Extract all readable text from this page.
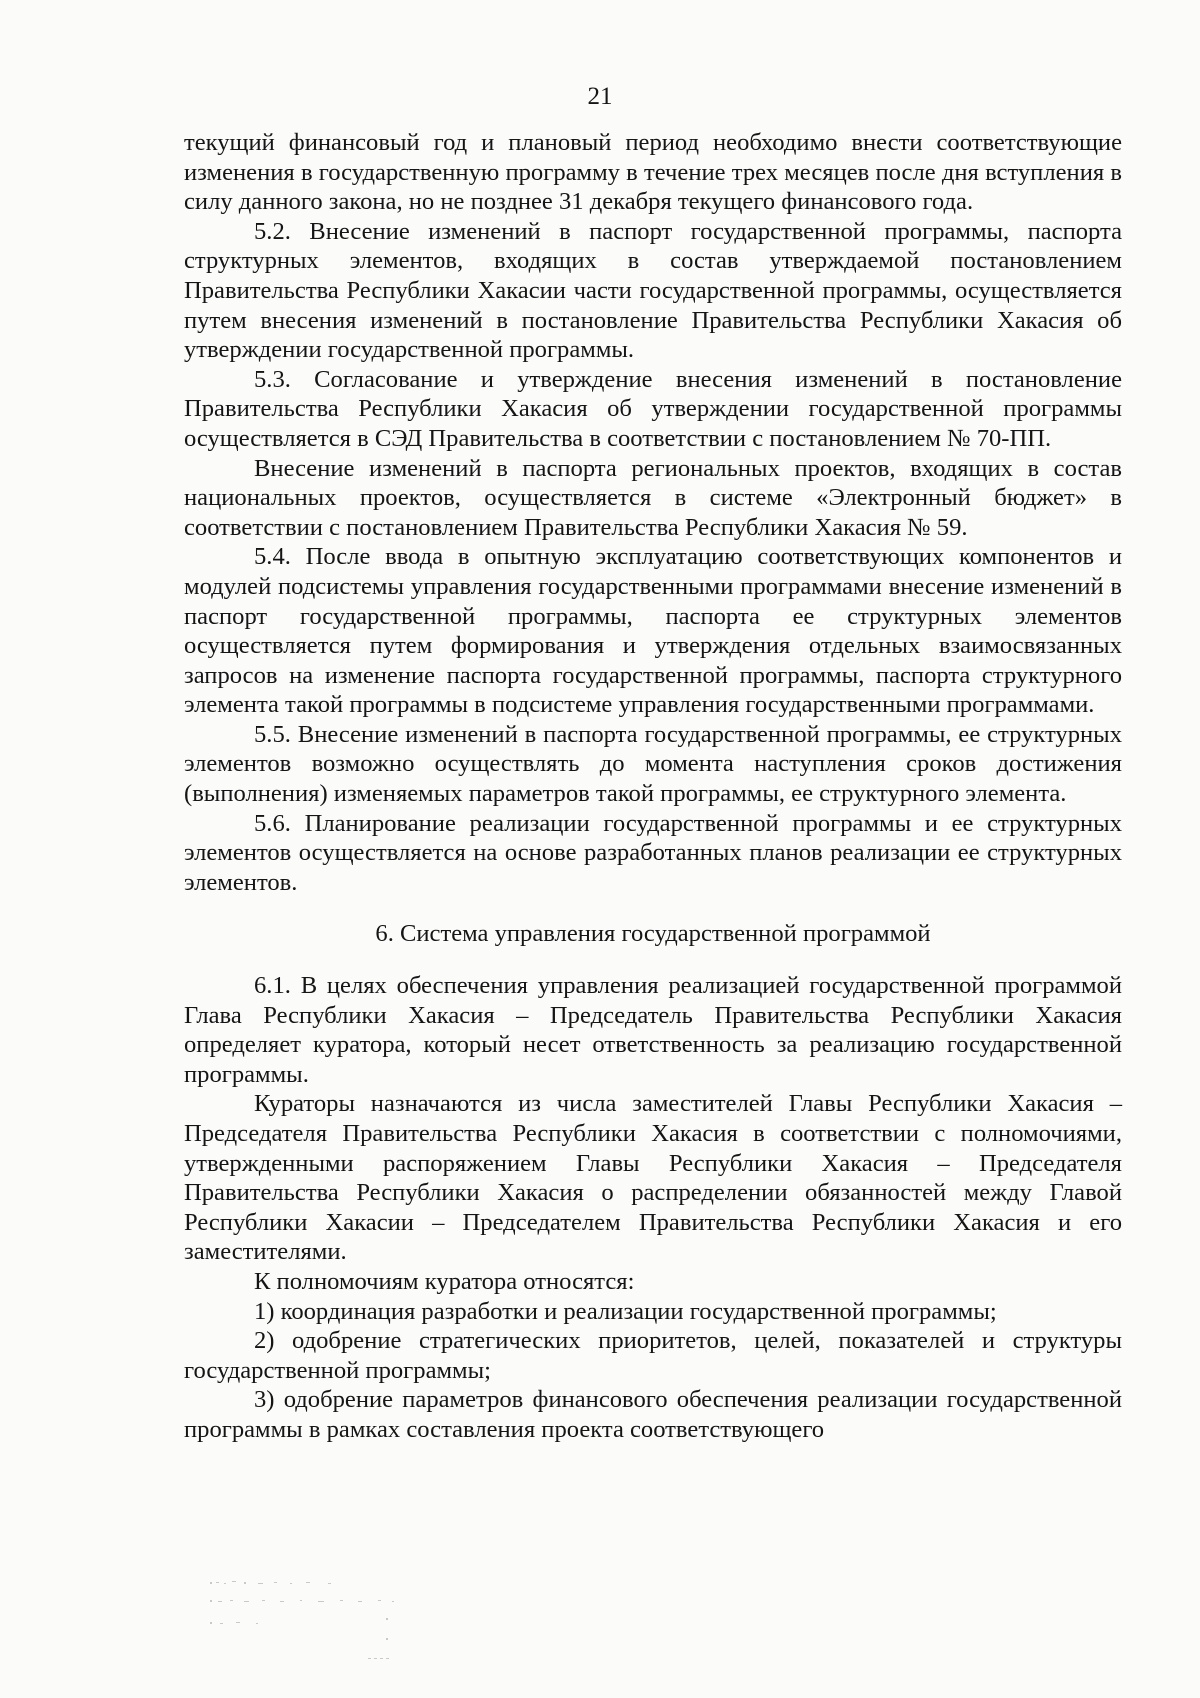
21

текущий финансовый год и плановый период необходимо внести соответствующие изменения в государственную программу в течение трех месяцев после дня вступления в силу данного закона, но не позднее 31 декабря текущего финансового года.

5.2. Внесение изменений в паспорт государственной программы, паспорта структурных элементов, входящих в состав утверждаемой постановлением Правительства Республики Хакасии части государственной программы, осуществляется путем внесения изменений в постановление Правительства Республики Хакасия об утверждении государственной программы.

5.3. Согласование и утверждение внесения изменений в постановление Правительства Республики Хакасия об утверждении государственной программы осуществляется в СЭД Правительства в соответствии с постановлением № 70-ПП.

Внесение изменений в паспорта региональных проектов, входящих в состав национальных проектов, осуществляется в системе «Электронный бюджет» в соответствии с постановлением Правительства Республики Хакасия № 59.

5.4. После ввода в опытную эксплуатацию соответствующих компонентов и модулей подсистемы управления государственными программами внесение изменений в паспорт государственной программы, паспорта ее структурных элементов осуществляется путем формирования и утверждения отдельных взаимосвязанных запросов на изменение паспорта государственной программы, паспорта структурного элемента такой программы в подсистеме управления государственными программами.

5.5. Внесение изменений в паспорта государственной программы, ее структурных элементов возможно осуществлять до момента наступления сроков достижения (выполнения) изменяемых параметров такой программы, ее структурного элемента.

5.6. Планирование реализации государственной программы и ее структурных элементов осуществляется на основе разработанных планов реализации ее структурных элементов.

6. Система управления государственной программой

6.1. В целях обеспечения управления реализацией государственной программой Глава Республики Хакасия – Председатель Правительства Республики Хакасия определяет куратора, который несет ответственность за реализацию государственной программы.

Кураторы назначаются из числа заместителей Главы Республики Хакасия – Председателя Правительства Республики Хакасия в соответствии с полномочиями, утвержденными распоряжением Главы Республики Хакасия – Председателя Правительства Республики Хакасия о распределении обязанностей между Главой Республики Хакасии – Председателем Правительства Республики Хакасия и его заместителями.

К полномочиям куратора относятся:

1) координация разработки и реализации государственной программы;

2) одобрение стратегических приоритетов, целей, показателей и структуры государственной программы;

3) одобрение параметров финансового обеспечения реализации государственной программы в рамках составления проекта соответствующего
